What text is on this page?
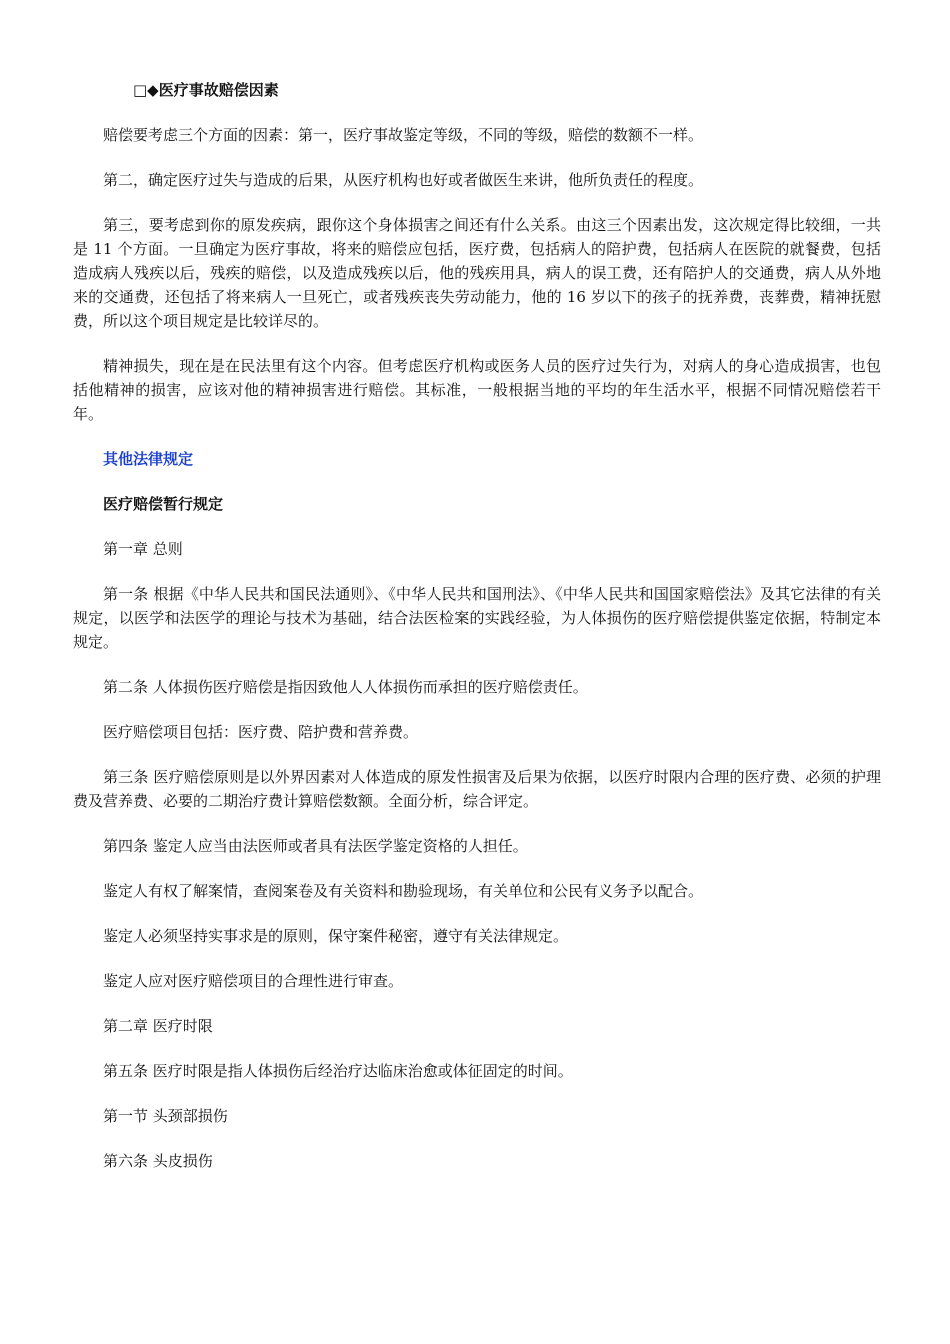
□◆医疗事故赔偿因素

赔偿要考虑三个方面的因素：第一，医疗事故鉴定等级，不同的等级，赔偿的数额不一样。

第二，确定医疗过失与造成的后果，从医疗机构也好或者做医生来讲，他所负责任的程度。

第三，要考虑到你的原发疾病，跟你这个身体损害之间还有什么关系。由这三个因素出发，这次规定得比较细，一共是 11 个方面。一旦确定为医疗事故，将来的赔偿应包括，医疗费，包括病人的陪护费，包括病人在医院的就餐费，包括造成病人残疾以后，残疾的赔偿，以及造成残疾以后，他的残疾用具，病人的误工费，还有陪护人的交通费，病人从外地来的交通费，还包括了将来病人一旦死亡，或者残疾丧失劳动能力，他的 16 岁以下的孩子的抚养费，丧葬费，精神抚慰费，所以这个项目规定是比较详尽的。

精神损失，现在是在民法里有这个内容。但考虑医疗机构或医务人员的医疗过失行为，对病人的身心造成损害，也包括他精神的损害，应该对他的精神损害进行赔偿。其标准，一般根据当地的平均的年生活水平，根据不同情况赔偿若干年。

其他法律规定

医疗赔偿暂行规定

第一章 总则

第一条 根据《中华人民共和国民法通则》、《中华人民共和国刑法》、《中华人民共和国国家赔偿法》及其它法律的有关规定，以医学和法医学的理论与技术为基础，结合法医检案的实践经验，为人体损伤的医疗赔偿提供鉴定依据，特制定本规定。

第二条 人体损伤医疗赔偿是指因致他人人体损伤而承担的医疗赔偿责任。

医疗赔偿项目包括：医疗费、陪护费和营养费。

第三条 医疗赔偿原则是以外界因素对人体造成的原发性损害及后果为依据，以医疗时限内合理的医疗费、必须的护理费及营养费、必要的二期治疗费计算赔偿数额。全面分析，综合评定。

第四条 鉴定人应当由法医师或者具有法医学鉴定资格的人担任。

鉴定人有权了解案情，查阅案卷及有关资料和勘验现场，有关单位和公民有义务予以配合。

鉴定人必须坚持实事求是的原则，保守案件秘密，遵守有关法律规定。

鉴定人应对医疗赔偿项目的合理性进行审查。

第二章 医疗时限

第五条 医疗时限是指人体损伤后经治疗达临床治愈或体征固定的时间。

第一节 头颈部损伤

第六条 头皮损伤
